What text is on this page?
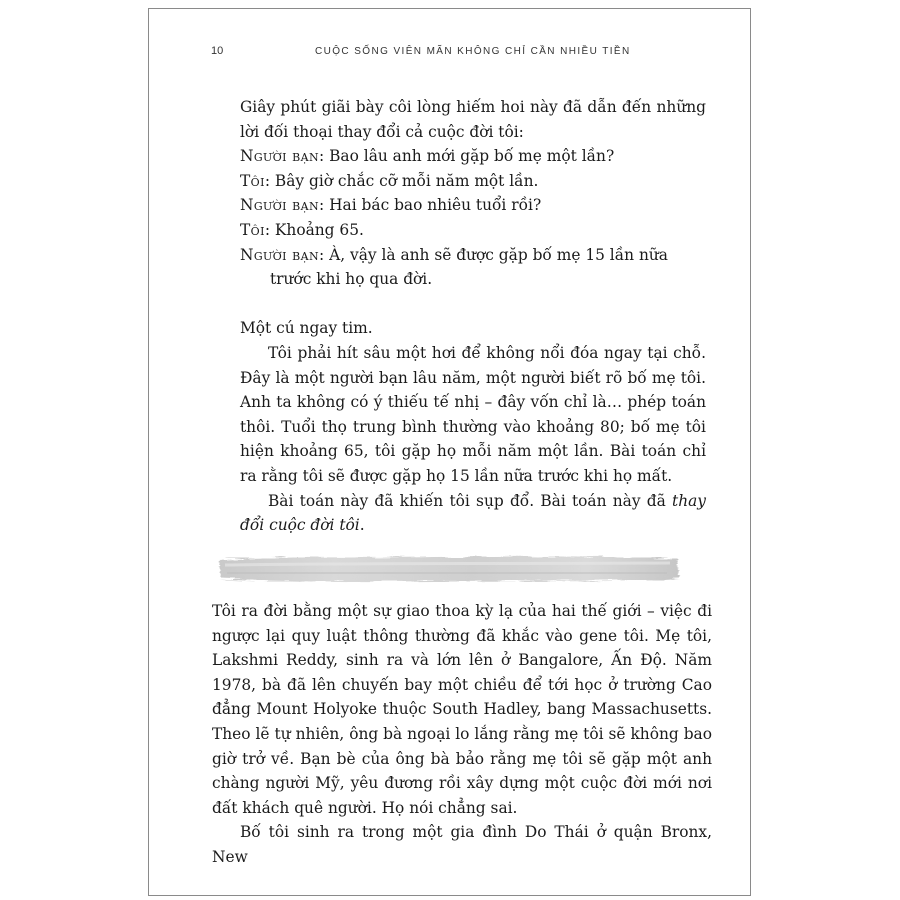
10	CUỘC SỐNG VIÊN MÃN KHÔNG CHỈ CẦN NHIỀU TIỀN

Giây phút giãi bày côi lòng hiếm hoi này đã dẫn đến những lời đối thoại thay đổi cả cuộc đời tôi:

Người bạn: Bao lâu anh mới gặp bố mẹ một lần?

Tôi: Bây giờ chắc cỡ mỗi năm một lần.

Người bạn: Hai bác bao nhiêu tuổi rồi?

Tôi: Khoảng 65.

Người bạn: À, vậy là anh sẽ được gặp bố mẹ 15 lần nữa trước khi họ qua đời.

Một cú ngay tim.

Tôi phải hít sâu một hơi để không nổi đóa ngay tại chỗ. Đây là một người bạn lâu năm, một người biết rõ bố mẹ tôi. Anh ta không có ý thiếu tế nhị – đây vốn chỉ là… phép toán thôi. Tuổi thọ trung bình thường vào khoảng 80; bố mẹ tôi hiện khoảng 65, tôi gặp họ mỗi năm một lần. Bài toán chỉ ra rằng tôi sẽ được gặp họ 15 lần nữa trước khi họ mất.

Bài toán này đã khiến tôi sụp đổ. Bài toán này đã thay đổi cuộc đời tôi.

Tôi ra đời bằng một sự giao thoa kỳ lạ của hai thế giới – việc đi ngược lại quy luật thông thường đã khắc vào gene tôi. Mẹ tôi, Lakshmi Reddy, sinh ra và lớn lên ở Bangalore, Ấn Độ. Năm 1978, bà đã lên chuyến bay một chiều để tới học ở trường Cao đẳng Mount Holyoke thuộc South Hadley, bang Massachusetts. Theo lẽ tự nhiên, ông bà ngoại lo lắng rằng mẹ tôi sẽ không bao giờ trở về. Bạn bè của ông bà bảo rằng mẹ tôi sẽ gặp một anh chàng người Mỹ, yêu đương rồi xây dựng một cuộc đời mới nơi đất khách quê người. Họ nói chẳng sai.

Bố tôi sinh ra trong một gia đình Do Thái ở quận Bronx, New
